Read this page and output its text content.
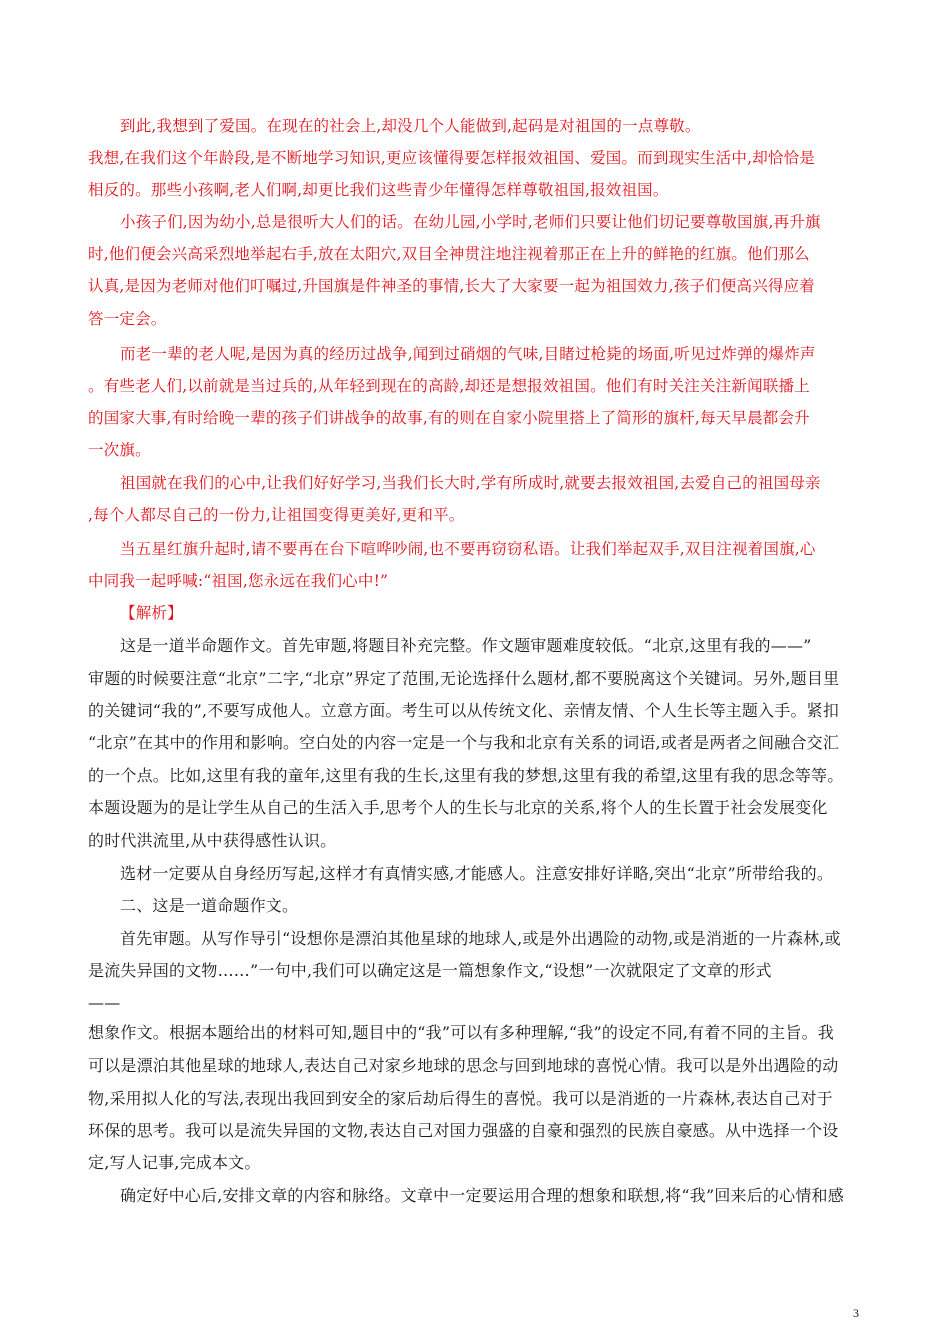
到此,我想到了爱国。在现在的社会上,却没几个人能做到,起码是对祖国的一点尊敬。
我想,在我们这个年龄段,是不断地学习知识,更应该懂得要怎样报效祖国、爱国。而到现实生活中,却恰恰是
相反的。那些小孩啊,老人们啊,却更比我们这些青少年懂得怎样尊敬祖国,报效祖国。
小孩子们,因为幼小,总是很听大人们的话。在幼儿园,小学时,老师们只要让他们切记要尊敬国旗,再升旗
时,他们便会兴高采烈地举起右手,放在太阳穴,双目全神贯注地注视着那正在上升的鲜艳的红旗。他们那么
认真,是因为老师对他们叮嘱过,升国旗是件神圣的事情,长大了大家要一起为祖国效力,孩子们便高兴得应着
答一定会。
而老一辈的老人呢,是因为真的经历过战争,闻到过硝烟的气味,目睹过枪毙的场面,听见过炸弹的爆炸声
。有些老人们,以前就是当过兵的,从年轻到现在的高龄,却还是想报效祖国。他们有时关注关注新闻联播上
的国家大事,有时给晚一辈的孩子们讲战争的故事,有的则在自家小院里搭上了简形的旗杆,每天早晨都会升
一次旗。
祖国就在我们的心中,让我们好好学习,当我们长大时,学有所成时,就要去报效祖国,去爱自己的祖国母亲
,每个人都尽自己的一份力,让祖国变得更美好,更和平。
当五星红旗升起时,请不要再在台下喧哗吵闹,也不要再窃窃私语。让我们举起双手,双目注视着国旗,心
中同我一起呼喊:“祖国,您永远在我们心中!”
【解析】
这是一道半命题作文。首先审题,将题目补充完整。作文题审题难度较低。“北京,这里有我的——”
审题的时候要注意“北京”二字,“北京”界定了范围,无论选择什么题材,都不要脱离这个关键词。另外,题目里
的关键词“我的”,不要写成他人。立意方面。考生可以从传统文化、亲情友情、个人生长等主题入手。紧扣
“北京”在其中的作用和影响。空白处的内容一定是一个与我和北京有关系的词语,或者是两者之间融合交汇
的一个点。比如,这里有我的童年,这里有我的生长,这里有我的梦想,这里有我的希望,这里有我的思念等等。
本题设题为的是让学生从自己的生活入手,思考个人的生长与北京的关系,将个人的生长置于社会发展变化
的时代洪流里,从中获得感性认识。
选材一定要从自身经历写起,这样才有真情实感,才能感人。注意安排好详略,突出“北京”所带给我的。
二、这是一道命题作文。
首先审题。从写作导引“设想你是漂泊其他星球的地球人,或是外出遇险的动物,或是消逝的一片森林,或
是流失异国的文物……”一句中,我们可以确定这是一篇想象作文,“设想”一次就限定了文章的形式
——
想象作文。根据本题给出的材料可知,题目中的“我”可以有多种理解,“我”的设定不同,有着不同的主旨。我
可以是漂泊其他星球的地球人,表达自己对家乡地球的思念与回到地球的喜悦心情。我可以是外出遇险的动
物,采用拟人化的写法,表现出我回到安全的家后劫后得生的喜悦。我可以是消逝的一片森林,表达自己对于
环保的思考。我可以是流失异国的文物,表达自己对国力强盛的自豪和强烈的民族自豪感。从中选择一个设
定,写人记事,完成本文。
确定好中心后,安排文章的内容和脉络。文章中一定要运用合理的想象和联想,将“我”回来后的心情和感
3
